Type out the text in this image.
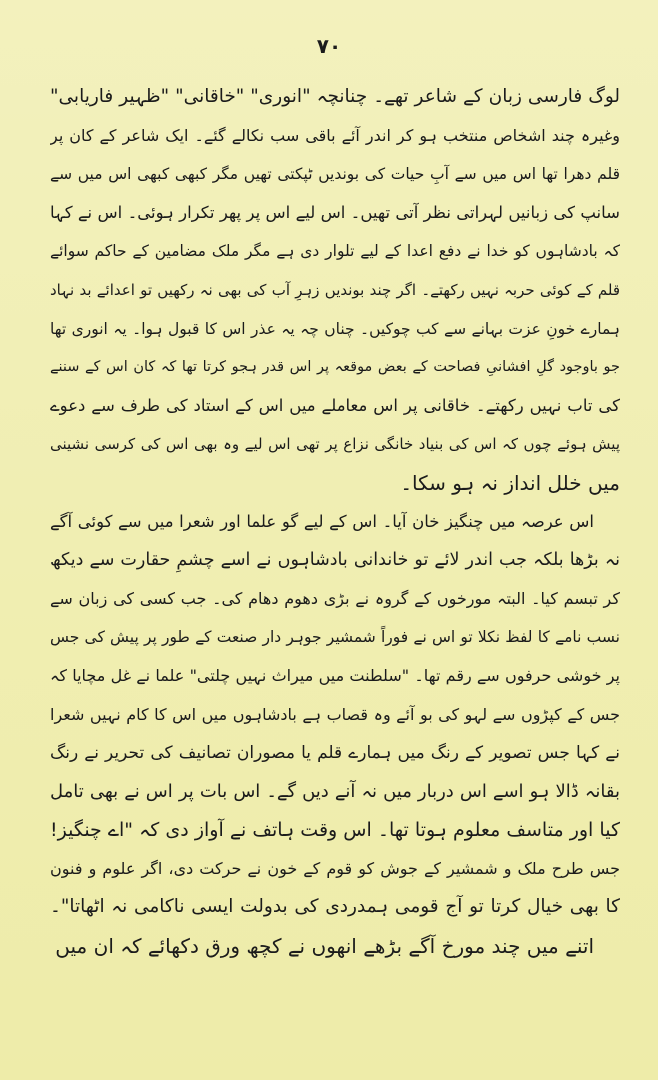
۷۰
لوگ فارسی زبان کے شاعر تھے۔ چنانچہ "انوری" "خاقانی" "ظہیر فاریابی"
وغیرہ چند اشخاص منتخب ہو کر اندر آئے باقی سب نکالے گئے۔ ایک شاعر کے کان پر
قلم دھرا تھا اس میں سے آبِ حیات کی بوندیں ٹپکتی تھیں مگر کبھی کبھی اس میں سے
سانپ کی زبانیں لہراتی نظر آتی تھیں۔ اس لیے اس پر پھر تکرار ہوئی۔ اس نے کہا
کہ بادشاہوں کو خدا نے دفع اعدا کے لیے تلوار دی ہے مگر ملک مضامین کے حاکم سوائے
قلم کے کوئی حربہ نہیں رکھتے۔ اگر چند بوندیں زہرِ آب کی بھی نہ رکھیں تو اعدائے بد نہاد
ہمارے خونِ عزت بہانے سے کب چوکیں۔ چناں چہ یہ عذر اس کا قبول ہوا۔ یہ انوری تھا
جو باوجود گلِ افشانیِ فصاحت کے بعض موقعہ پر اس قدر ہجو کرتا تھا کہ کان اس کے سننے
کی تاب نہیں رکھتے۔ خاقانی پر اس معاملے میں اس کے استاد کی طرف سے دعوے
پیش ہوئے چوں کہ اس کی بنیاد خانگی نزاع پر تھی اس لیے وہ بھی اس کی کرسی نشینی
میں خلل انداز نہ ہو سکا۔
اس عرصہ میں چنگیز خان آیا۔ اس کے لیے گو علما اور شعرا میں سے کوئی آگے
نہ بڑھا بلکہ جب اندر لائے تو خاندانی بادشاہوں نے اسے چشمِ حقارت سے دیکھ
کر تبسم کیا۔ البتہ مورخوں کے گروہ نے بڑی دھوم دھام کی۔ جب کسی کی زبان سے
نسب نامے کا لفظ نکلا تو اس نے فوراً شمشیر جوہر دار صنعت کے طور پر پیش کی جس
پر خوشی حرفوں سے رقم تھا۔ "سلطنت میں میراث نہیں چلتی" علما نے غل مچایا کہ
جس کے کپڑوں سے لہو کی بو آئے وہ قصاب ہے بادشاہوں میں اس کا کام نہیں شعرا
نے کہا جس تصویر کے رنگ میں ہمارے قلم یا مصوران تصانیف کی تحریر نے رنگ
بقانہ ڈالا ہو اسے اس دربار میں نہ آنے دیں گے۔ اس بات پر اس نے بھی تامل
کیا اور متاسف معلوم ہوتا تھا۔ اس وقت ہاتف نے آواز دی کہ "اے چنگیز!
جس طرح ملک و شمشیر کے جوش کو قوم کے خون نے حرکت دی، اگر علوم و فنون
کا بھی خیال کرتا تو آج قومی ہمدردی کی بدولت ایسی ناکامی نہ اٹھاتا"۔
اتنے میں چند مورخ آگے بڑھے انھوں نے کچھ ورق دکھائے کہ ان میں
